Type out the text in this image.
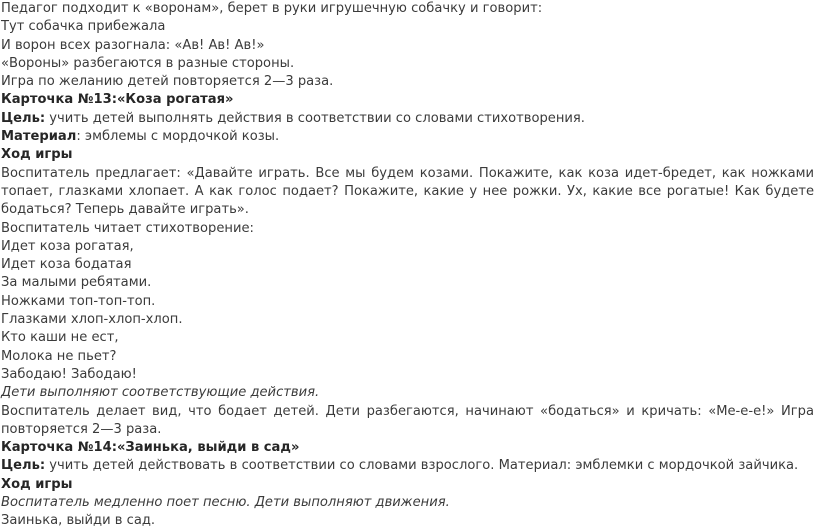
Педагог подходит к «воронам», берет в руки игрушечную собачку и говорит:
Тут собачка прибежала
И ворон всех разогнала: «Ав! Ав! Ав!»
«Вороны» разбегаются в разные стороны.
Игра по желанию детей повторяется 2—3 раза.
Карточка №13:«Коза рогатая»
Цель: учить детей выполнять действия в соответствии со словами стихотворения.
Материал: эмблемы с мордочкой козы.
Ход игры
Воспитатель предлагает: «Давайте играть. Все мы будем козами. Покажите, как коза идет-бредет, как ножками топает, глазками хлопает. А как голос подает? Покажите, какие у нее рожки. Ух, какие все рогатые! Как будете бодаться? Теперь давайте играть».
Воспитатель читает стихотворение:
Идет коза рогатая,
Идет коза бодатая
За малыми ребятами.
Ножками топ-топ-топ.
Глазками хлоп-хлоп-хлоп.
Кто каши не ест,
Молока не пьет?
Забодаю! Забодаю!
Дети выполняют соответствующие действия.
Воспитатель делает вид, что бодает детей. Дети разбегаются, начинают «бодаться» и кричать: «Ме-е-е!» Игра повторяется 2—3 раза.
Карточка №14:«Заинька, выйди в сад»
Цель: учить детей действовать в соответствии со словами взрослого. Материал: эмблемки с мордочкой зайчика.
Ход игры
Воспитатель медленно поет песню. Дети выполняют движения.
Заинька, выйди в сад.
